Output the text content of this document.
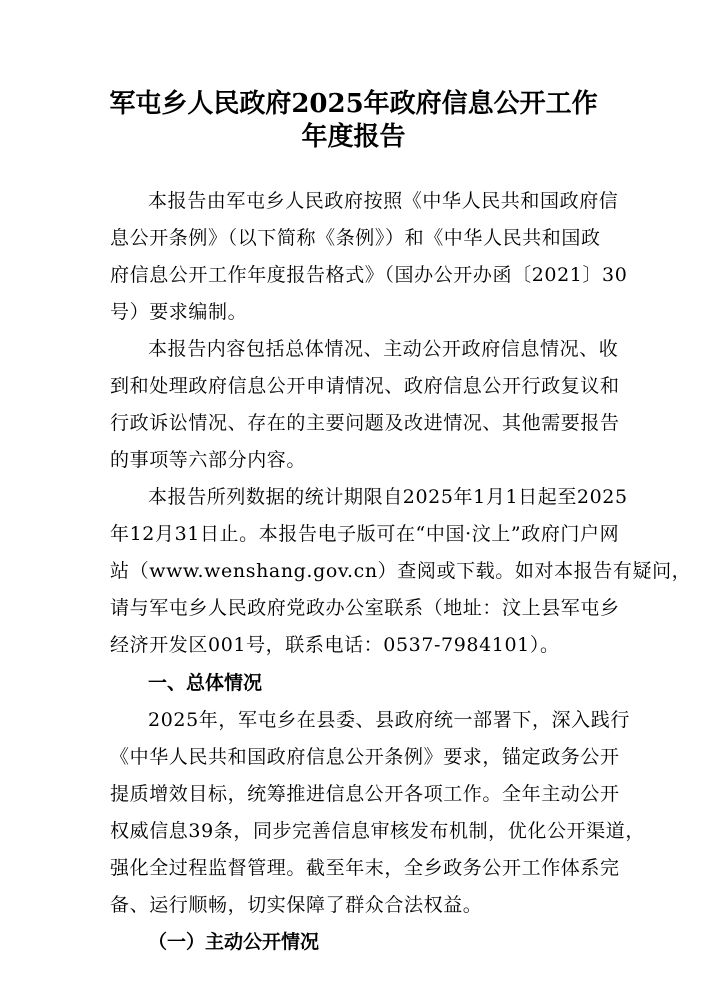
军屯乡人民政府2025年政府信息公开工作
年度报告
本报告由军屯乡人民政府按照《中华人民共和国政府信
息公开条例》（以下简称《条例》）和《中华人民共和国政
府信息公开工作年度报告格式》（国办公开办函〔2021〕30
号）要求编制。
本报告内容包括总体情况、主动公开政府信息情况、收
到和处理政府信息公开申请情况、政府信息公开行政复议和
行政诉讼情况、存在的主要问题及改进情况、其他需要报告
的事项等六部分内容。
本报告所列数据的统计期限自2025年1月1日起至2025
年12月31日止。本报告电子版可在“中国·汶上”政府门户网
站（www.wenshang.gov.cn）查阅或下载。如对本报告有疑问，
请与军屯乡人民政府党政办公室联系（地址：汶上县军屯乡
经济开发区001号，联系电话：0537-7984101）。
一、总体情况
2025年，军屯乡在县委、县政府统一部署下，深入践行
《中华人民共和国政府信息公开条例》要求，锚定政务公开
提质增效目标，统筹推进信息公开各项工作。全年主动公开
权威信息39条，同步完善信息审核发布机制，优化公开渠道，
强化全过程监督管理。截至年末，全乡政务公开工作体系完
备、运行顺畅，切实保障了群众合法权益。
（一）主动公开情况
